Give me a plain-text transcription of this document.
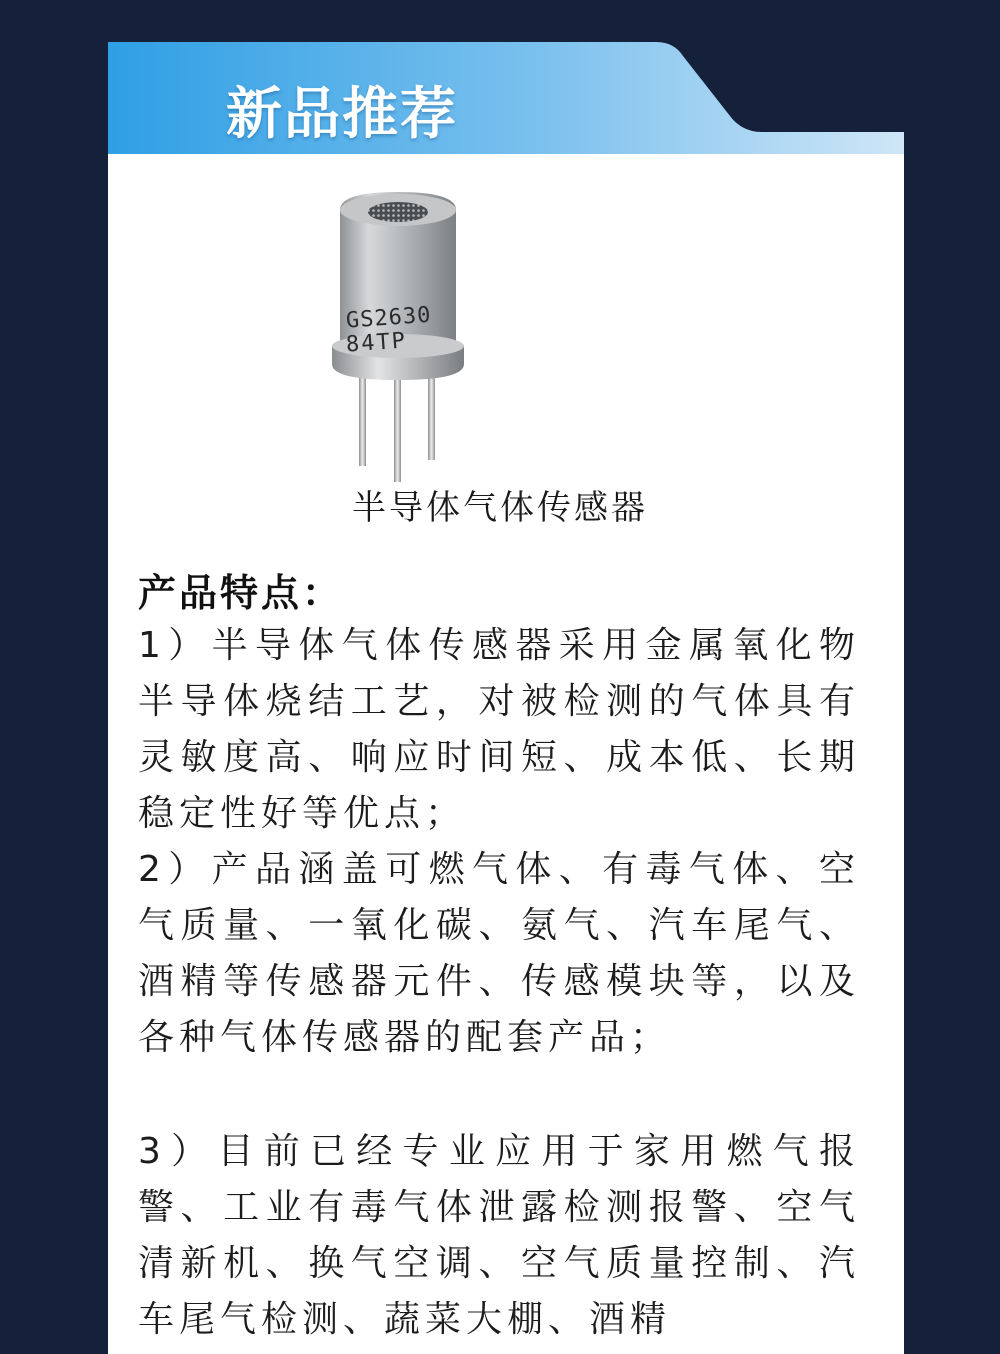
新品推荐
GS2630
84TP
半导体气体传感器
产品特点：

1）半导体气体传感器采用金属氧化物半导体烧结工艺，对被检测的气体具有灵敏度高、响应时间短、成本低、长期稳定性好等优点；

2）产品涵盖可燃气体、有毒气体、空气质量、一氧化碳、氨气、汽车尾气、酒精等传感器元件、传感模块等，以及各种气体传感器的配套产品；

3）目前已经专业应用于家用燃气报警、工业有毒气体泄露检测报警、空气清新机、换气空调、空气质量控制、汽车尾气检测、蔬菜大棚、酒精
